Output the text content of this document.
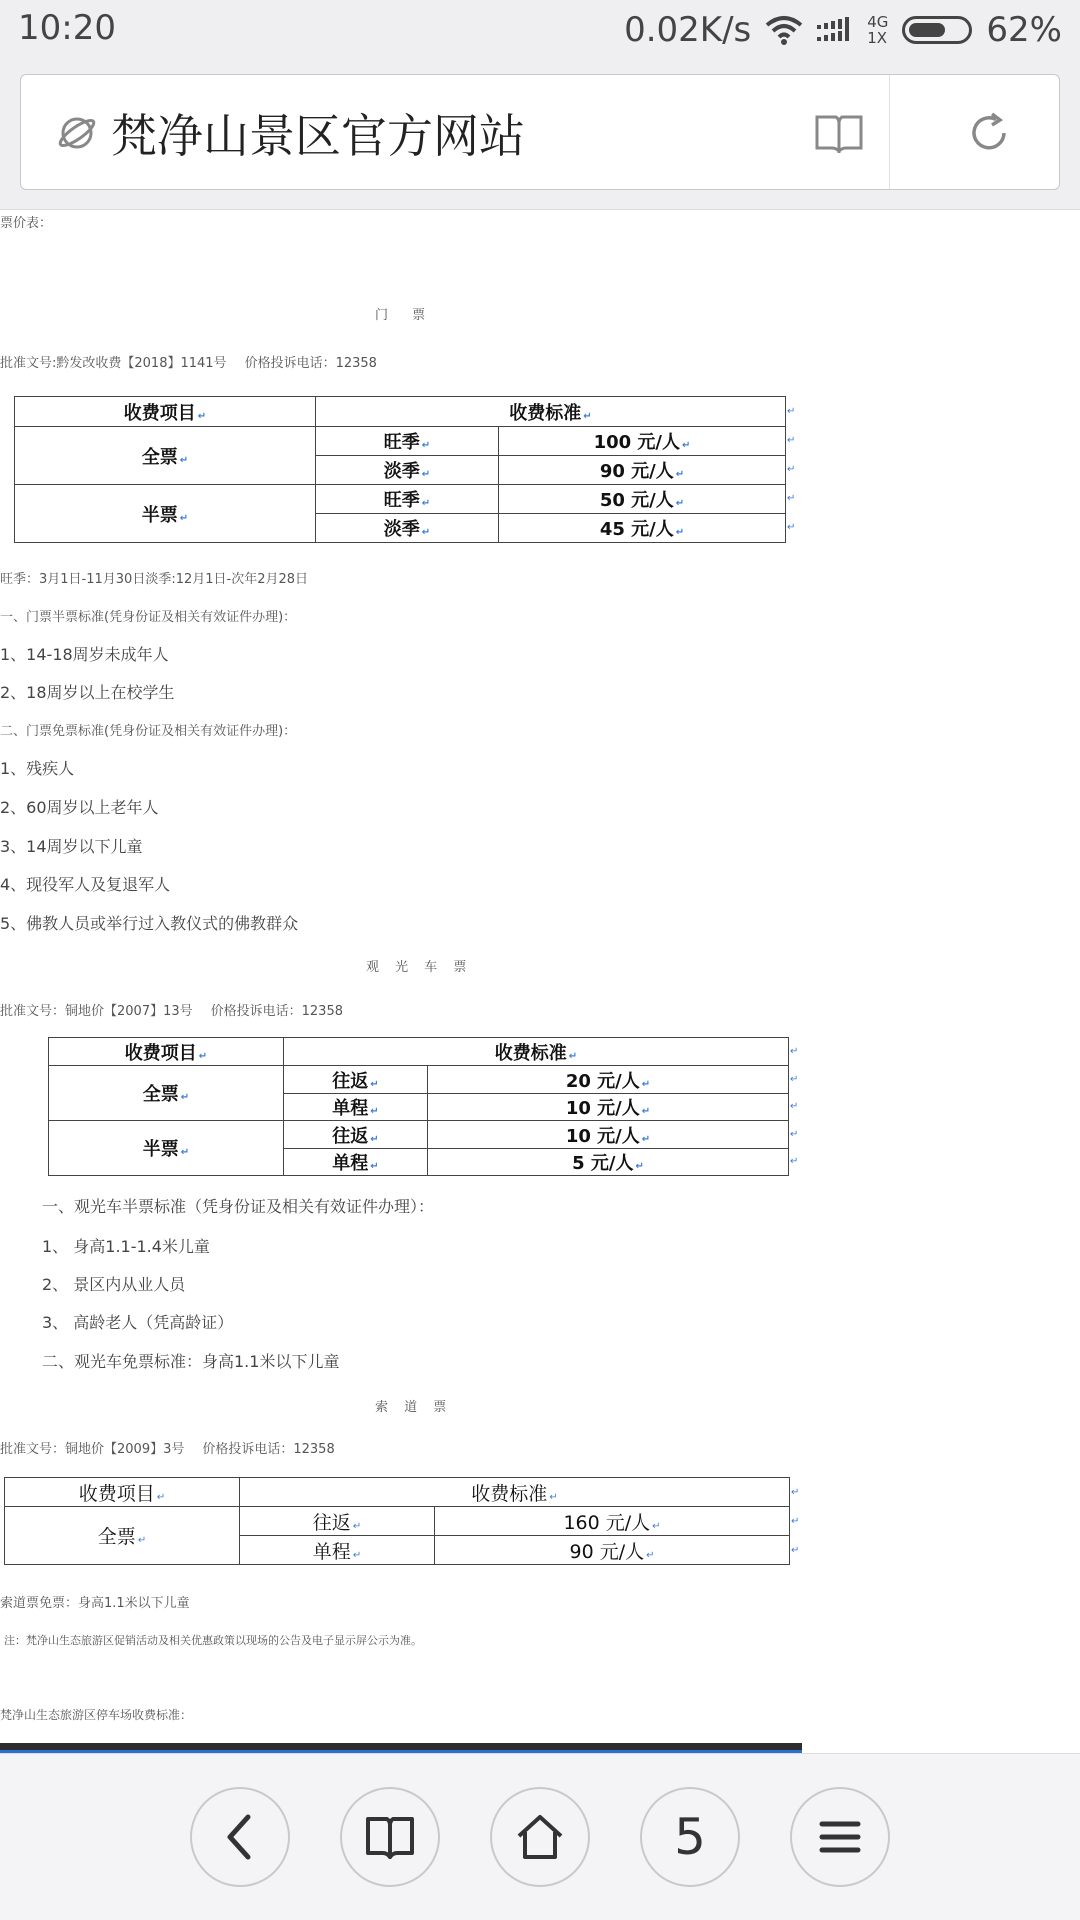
10:20	0.02K/s	4G
1X	62%
梵净山景区官方网站
票价表：
门 票
批准文号:黔发改收费【2018】1141号 价格投诉电话：12358
收费项目 ↵	收费标准 ↵	
全票 ↵	旺季 ↵	100 元/人 ↵
	淡季 ↵	90 元/人 ↵
半票 ↵	旺季 ↵	50 元/人 ↵
	淡季 ↵	45 元/人 ↵
↵
↵
↵
↵
↵
旺季：3月1日-11月30日淡季:12月1日-次年2月28日
一、门票半票标准(凭身份证及相关有效证件办理)：
1、14-18周岁未成年人
2、18周岁以上在校学生
二、门票免票标准(凭身份证及相关有效证件办理)：
1、残疾人
2、60周岁以上老年人
3、14周岁以下儿童
4、现役军人及复退军人
5、佛教人员或举行过入教仪式的佛教群众
观 光 车 票
批准文号：铜地价【2007】13号 价格投诉电话：12358
收费项目 ↵	收费标准 ↵	
全票 ↵	往返 ↵	20 元/人 ↵
	单程 ↵	10 元/人 ↵
半票 ↵	往返 ↵	10 元/人 ↵
	单程 ↵	5 元/人 ↵
↵
↵
↵
↵
↵
一、观光车半票标准（凭身份证及相关有效证件办理）：
1、 身高1.1-1.4米儿童
2、 景区内从业人员
3、 高龄老人（凭高龄证）
二、观光车免票标准：身高1.1米以下儿童
索 道 票
批准文号：铜地价【2009】3号 价格投诉电话：12358
收费项目 ↵	收费标准 ↵	
全票 ↵	往返 ↵	160 元/人 ↵
	单程 ↵	90 元/人 ↵
↵
↵
↵
索道票免票：身高1.1米以下儿童
注：梵净山生态旅游区促销活动及相关优惠政策以现场的公告及电子显示屏公示为准。
梵净山生态旅游区停车场收费标准：
5
